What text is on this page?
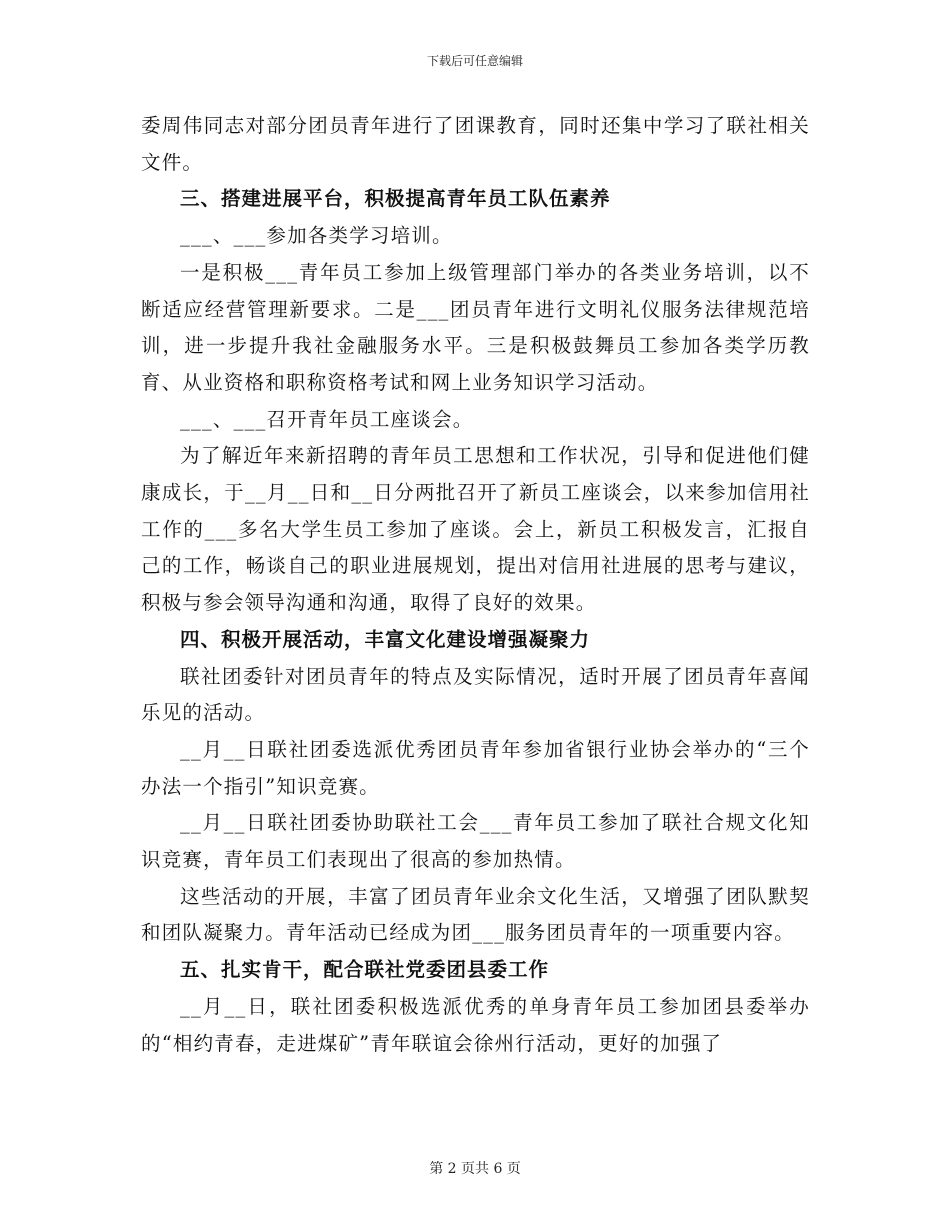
下载后可任意编辑

委周伟同志对部分团员青年进行了团课教育，同时还集中学习了联社相关文件。

三、搭建进展平台，积极提高青年员工队伍素养

___、___参加各类学习培训。

一是积极___青年员工参加上级管理部门举办的各类业务培训，以不断适应经营管理新要求。二是___团员青年进行文明礼仪服务法律规范培训，进一步提升我社金融服务水平。三是积极鼓舞员工参加各类学历教育、从业资格和职称资格考试和网上业务知识学习活动。

___、___召开青年员工座谈会。

为了解近年来新招聘的青年员工思想和工作状况，引导和促进他们健康成长，于__月__日和__日分两批召开了新员工座谈会，以来参加信用社工作的___多名大学生员工参加了座谈。会上，新员工积极发言，汇报自己的工作，畅谈自己的职业进展规划，提出对信用社进展的思考与建议，积极与参会领导沟通和沟通，取得了良好的效果。

四、积极开展活动，丰富文化建设增强凝聚力

联社团委针对团员青年的特点及实际情况，适时开展了团员青年喜闻乐见的活动。

__月__日联社团委选派优秀团员青年参加省银行业协会举办的“三个办法一个指引”知识竞赛。

__月__日联社团委协助联社工会___青年员工参加了联社合规文化知识竞赛，青年员工们表现出了很高的参加热情。

这些活动的开展，丰富了团员青年业余文化生活，又增强了团队默契和团队凝聚力。青年活动已经成为团___服务团员青年的一项重要内容。

五、扎实肯干，配合联社党委团县委工作

__月__日，联社团委积极选派优秀的单身青年员工参加团县委举办的“相约青春，走进煤矿”青年联谊会徐州行活动，更好的加强了

第 2 页共 6 页
